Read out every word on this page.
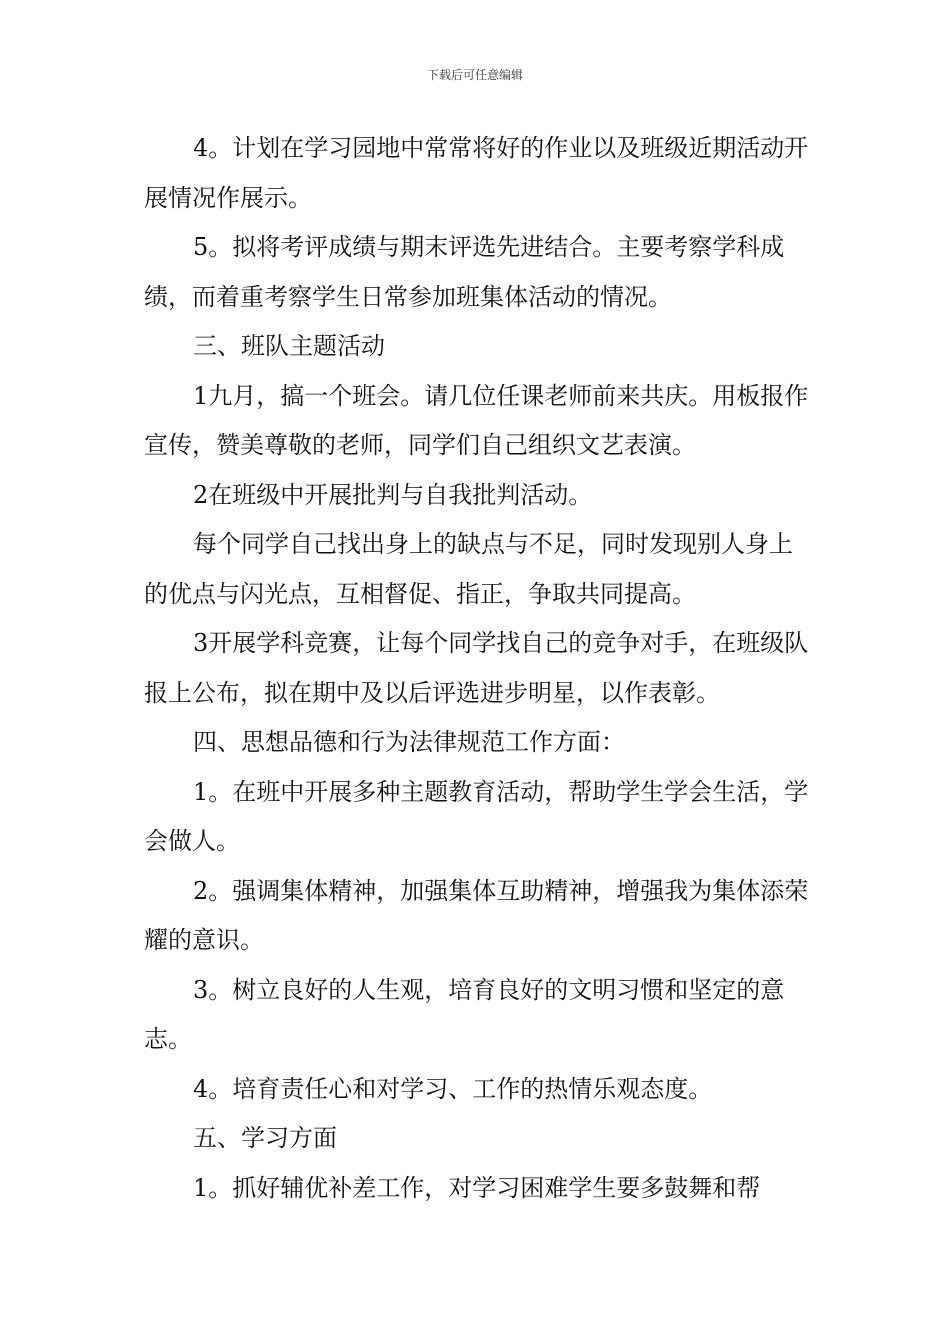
下载后可任意编辑

4。计划在学习园地中常常将好的作业以及班级近期活动开展情况作展示。

5。拟将考评成绩与期末评选先进结合。主要考察学科成绩，而着重考察学生日常参加班集体活动的情况。

三、班队主题活动

1九月，搞一个班会。请几位任课老师前来共庆。用板报作宣传，赞美尊敬的老师，同学们自己组织文艺表演。

2在班级中开展批判与自我批判活动。

每个同学自己找出身上的缺点与不足，同时发现别人身上的优点与闪光点，互相督促、指正，争取共同提高。

3开展学科竞赛，让每个同学找自己的竞争对手，在班级队报上公布，拟在期中及以后评选进步明星，以作表彰。

四、思想品德和行为法律规范工作方面：

1。在班中开展多种主题教育活动，帮助学生学会生活，学会做人。

2。强调集体精神，加强集体互助精神，增强我为集体添荣耀的意识。

3。树立良好的人生观，培育良好的文明习惯和坚定的意志。

4。培育责任心和对学习、工作的热情乐观态度。

五、学习方面

1。抓好辅优补差工作，对学习困难学生要多鼓舞和帮
